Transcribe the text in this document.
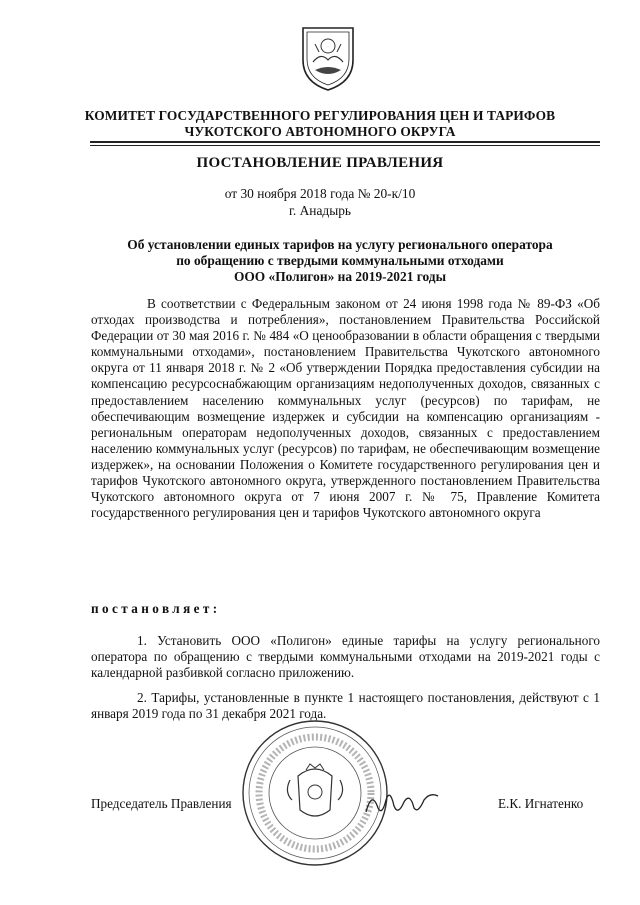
КОМИТЕТ ГОСУДАРСТВЕННОГО РЕГУЛИРОВАНИЯ ЦЕН И ТАРИФОВ
ЧУКОТСКОГО АВТОНОМНОГО ОКРУГА
ПОСТАНОВЛЕНИЕ ПРАВЛЕНИЯ
от 30 ноября 2018 года № 20-к/10
г. Анадырь
Об установлении единых тарифов на услугу регионального оператора
по обращению с твердыми коммунальными отходами
ООО «Полигон» на 2019-2021 годы
В соответствии с Федеральным законом от 24 июня 1998 года № 89-ФЗ «Об отходах производства и потребления», постановлением Правительства Российской Федерации от 30 мая 2016 г. № 484 «О ценообразовании в области обращения с твердыми коммунальными отходами», постановлением Правительства Чукотского автономного округа от 11 января 2018 г. № 2 «Об утверждении Порядка предоставления субсидии на компенсацию ресурсоснабжающим организациям недополученных доходов, связанных с предоставлением населению коммунальных услуг (ресурсов) по тарифам, не обеспечивающим возмещение издержек и субсидии на компенсацию организациям - региональным операторам недополученных доходов, связанных с предоставлением населению коммунальных услуг (ресурсов) по тарифам, не обеспечивающим возмещение издержек», на основании Положения о Комитете государственного регулирования цен и тарифов Чукотского автономного округа, утвержденного постановлением Правительства Чукотского автономного округа от 7 июня 2007 г. № 75, Правление Комитета государственного регулирования цен и тарифов Чукотского автономного округа
постановляет:
1. Установить ООО «Полигон» единые тарифы на услугу регионального оператора по обращению с твердыми коммунальными отходами на 2019-2021 годы с календарной разбивкой согласно приложению.
2. Тарифы, установленные в пункте 1 настоящего постановления, действуют с 1 января 2019 года по 31 декабря 2021 года.
Председатель Правления	Е.К. Игнатенко
